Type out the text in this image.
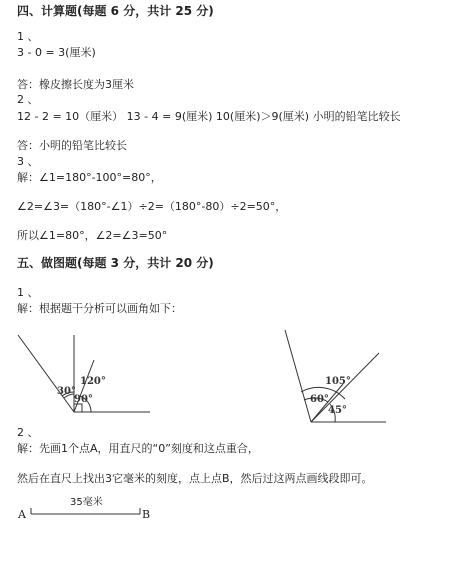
四、计算题(每题 6 分，共计 25 分)
1 、
3 - 0 = 3(厘米)
答：橡皮擦长度为3厘米
2 、
12 - 2 = 10（厘米） 13 - 4 = 9(厘米) 10(厘米)＞9(厘米) 小明的铅笔比较长
答：小明的铅笔比较长
3 、
解：∠1=180°-100°=80°，
∠2=∠3=（180°-∠1）÷2=（180°-80）÷2=50°，
所以∠1=80°，∠2=∠3=50°
五、做图题(每题 3 分，共计 20 分)
1 、
解：根据题干分析可以画角如下：
30°
90°
120°	105°
60°
45°
A	B
35毫米
2 、
解：先画1个点A，用直尺的“0”刻度和这点重合，
然后在直尺上找出3它毫米的刻度，点上点B，然后过这两点画线段即可。
